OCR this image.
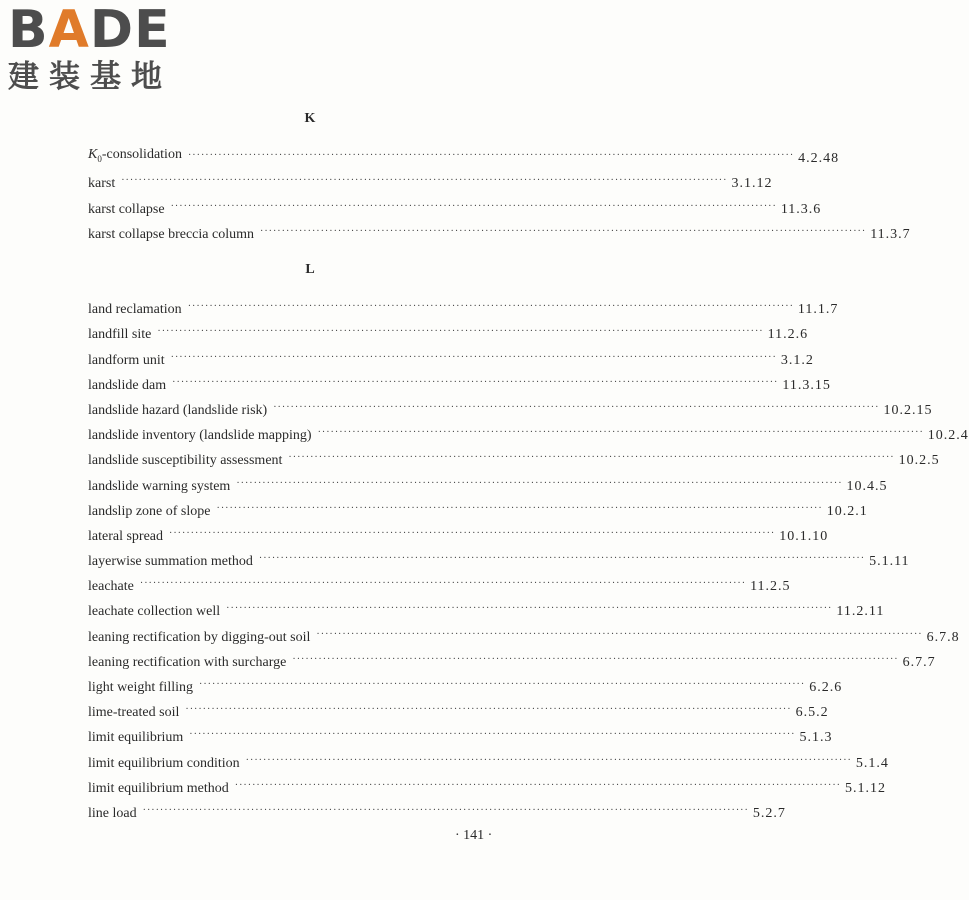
BADE
建装基地
K
$K_0$-consolidation ············································································································································ 4.2.48
karst ············································································································································ 3.1.12
karst collapse ············································································································································ 11.3.6
karst collapse breccia column ············································································································································ 11.3.7
L
land reclamation ············································································································································ 11.1.7
landfill site ············································································································································ 11.2.6
landform unit ············································································································································ 3.1.2
landslide dam ············································································································································ 11.3.15
landslide hazard (landslide risk) ············································································································································ 10.2.15
landslide inventory (landslide mapping) ············································································································································ 10.2.4
landslide susceptibility assessment ············································································································································ 10.2.5
landslide warning system ············································································································································ 10.4.5
landslip zone of slope ············································································································································ 10.2.1
lateral spread ············································································································································ 10.1.10
layerwise summation method ············································································································································ 5.1.11
leachate ············································································································································ 11.2.5
leachate collection well ············································································································································ 11.2.11
leaning rectification by digging-out soil ············································································································································ 6.7.8
leaning rectification with surcharge ············································································································································ 6.7.7
light weight filling ············································································································································ 6.2.6
lime-treated soil ············································································································································ 6.5.2
limit equilibrium ············································································································································ 5.1.3
limit equilibrium condition ············································································································································ 5.1.4
limit equilibrium method ············································································································································ 5.1.12
line load ············································································································································ 5.2.7
· 141 ·
